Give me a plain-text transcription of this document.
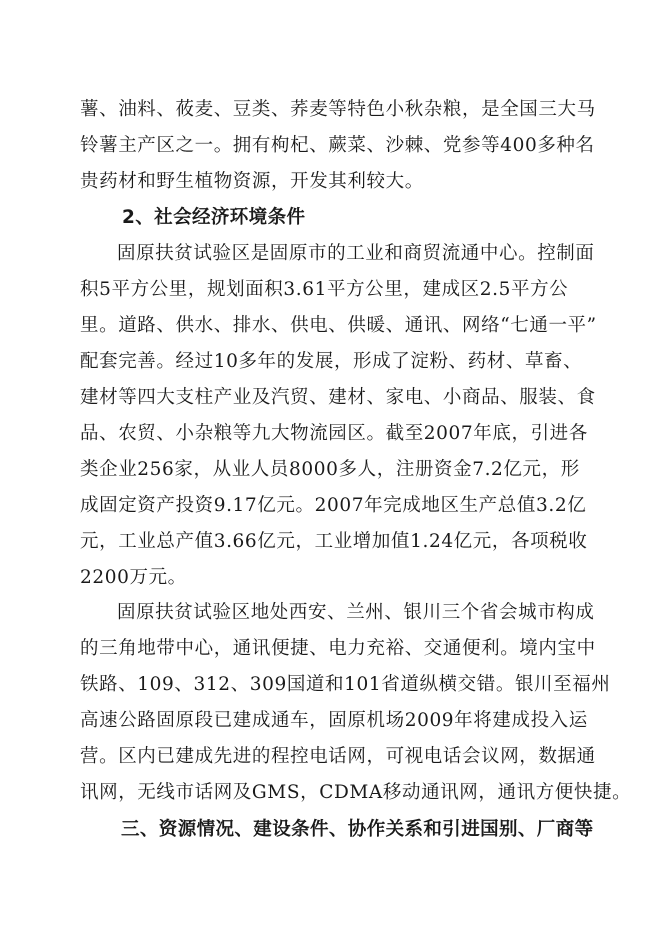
薯、油料、莜麦、豆类、荞麦等特色小秋杂粮，是全国三大马
铃薯主产区之一。拥有枸杞、蕨菜、沙棘、党参等400多种名
贵药材和野生植物资源，开发其利较大。
2、社会经济环境条件
固原扶贫试验区是固原市的工业和商贸流通中心。控制面
积5平方公里，规划面积3.61平方公里，建成区2.5平方公
里。道路、供水、排水、供电、供暖、通讯、网络“七通一平”
配套完善。经过10多年的发展，形成了淀粉、药材、草畜、
建材等四大支柱产业及汽贸、建材、家电、小商品、服装、食
品、农贸、小杂粮等九大物流园区。截至2007年底，引进各
类企业256家，从业人员8000多人，注册资金7.2亿元，形
成固定资产投资9.17亿元。2007年完成地区生产总值3.2亿
元，工业总产值3.66亿元，工业增加值1.24亿元，各项税收
2200万元。
固原扶贫试验区地处西安、兰州、银川三个省会城市构成
的三角地带中心，通讯便捷、电力充裕、交通便利。境内宝中
铁路、109、312、309国道和101省道纵横交错。银川至福州
高速公路固原段已建成通车，固原机场2009年将建成投入运
营。区内已建成先进的程控电话网，可视电话会议网，数据通
讯网，无线市话网及GMS，CDMA移动通讯网，通讯方便快捷。
三、资源情况、建设条件、协作关系和引进国别、厂商等
